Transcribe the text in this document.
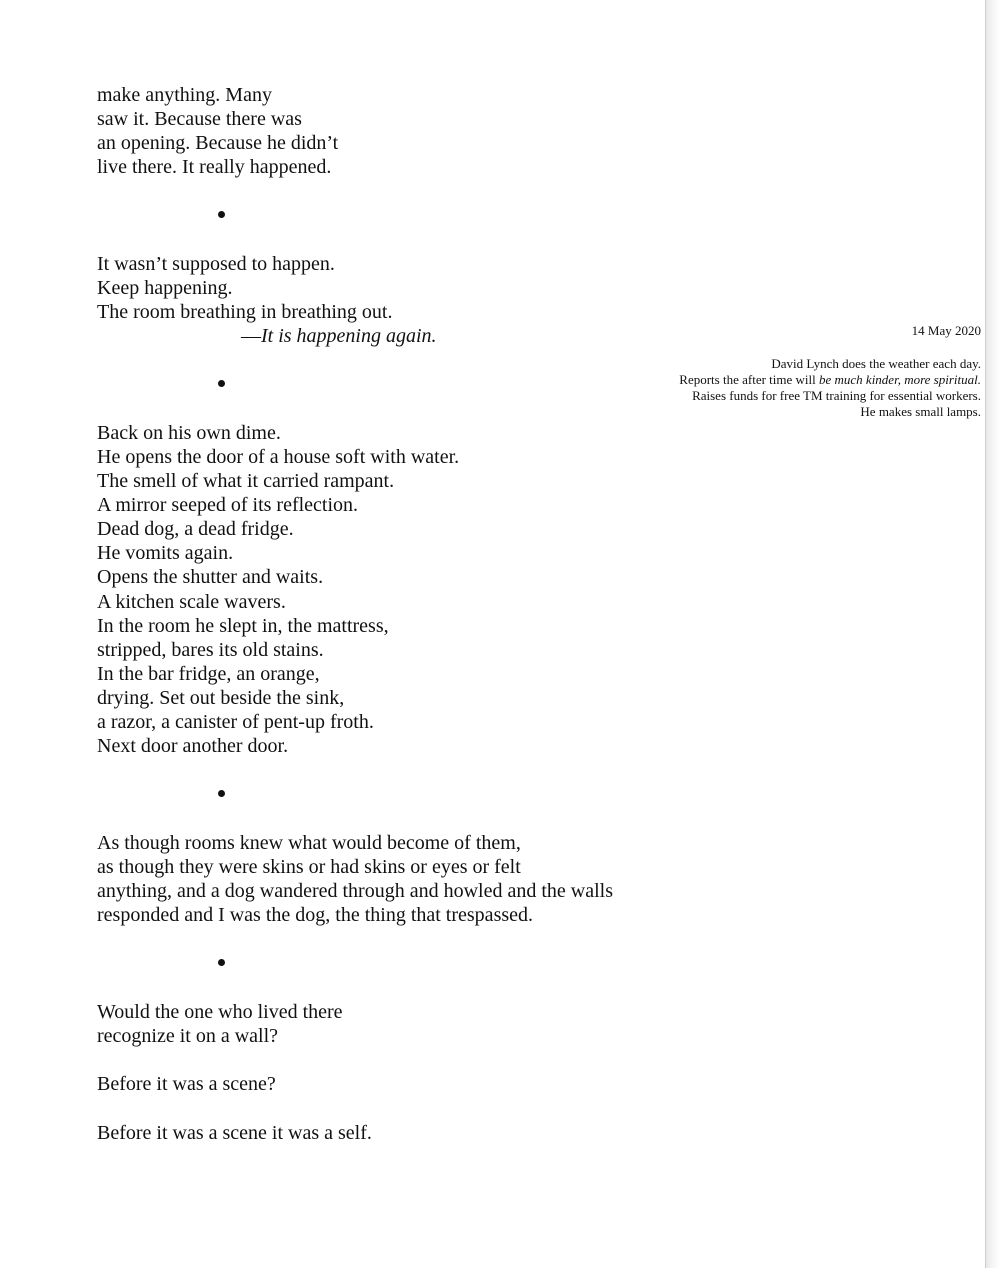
make anything. Many
saw it. Because there was
an opening. Because he didn’t
live there. It really happened.
It wasn’t supposed to happen.
Keep happening.
The room breathing in breathing out.
—It is happening again.
Back on his own dime.
He opens the door of a house soft with water.
The smell of what it carried rampant.
A mirror seeped of its reflection.
Dead dog, a dead fridge.
He vomits again.
Opens the shutter and waits.
A kitchen scale wavers.
In the room he slept in, the mattress,
stripped, bares its old stains.
In the bar fridge, an orange,
drying. Set out beside the sink,
a razor, a canister of pent-up froth.
Next door another door.
As though rooms knew what would become of them,
as though they were skins or had skins or eyes or felt
anything, and a dog wandered through and howled and the walls
responded and I was the dog, the thing that trespassed.
Would the one who lived there
recognize it on a wall?
Before it was a scene?
Before it was a scene it was a self.
14 May 2020
David Lynch does the weather each day.
Reports the after time will be much kinder, more spiritual.
Raises funds for free TM training for essential workers.
He makes small lamps.
